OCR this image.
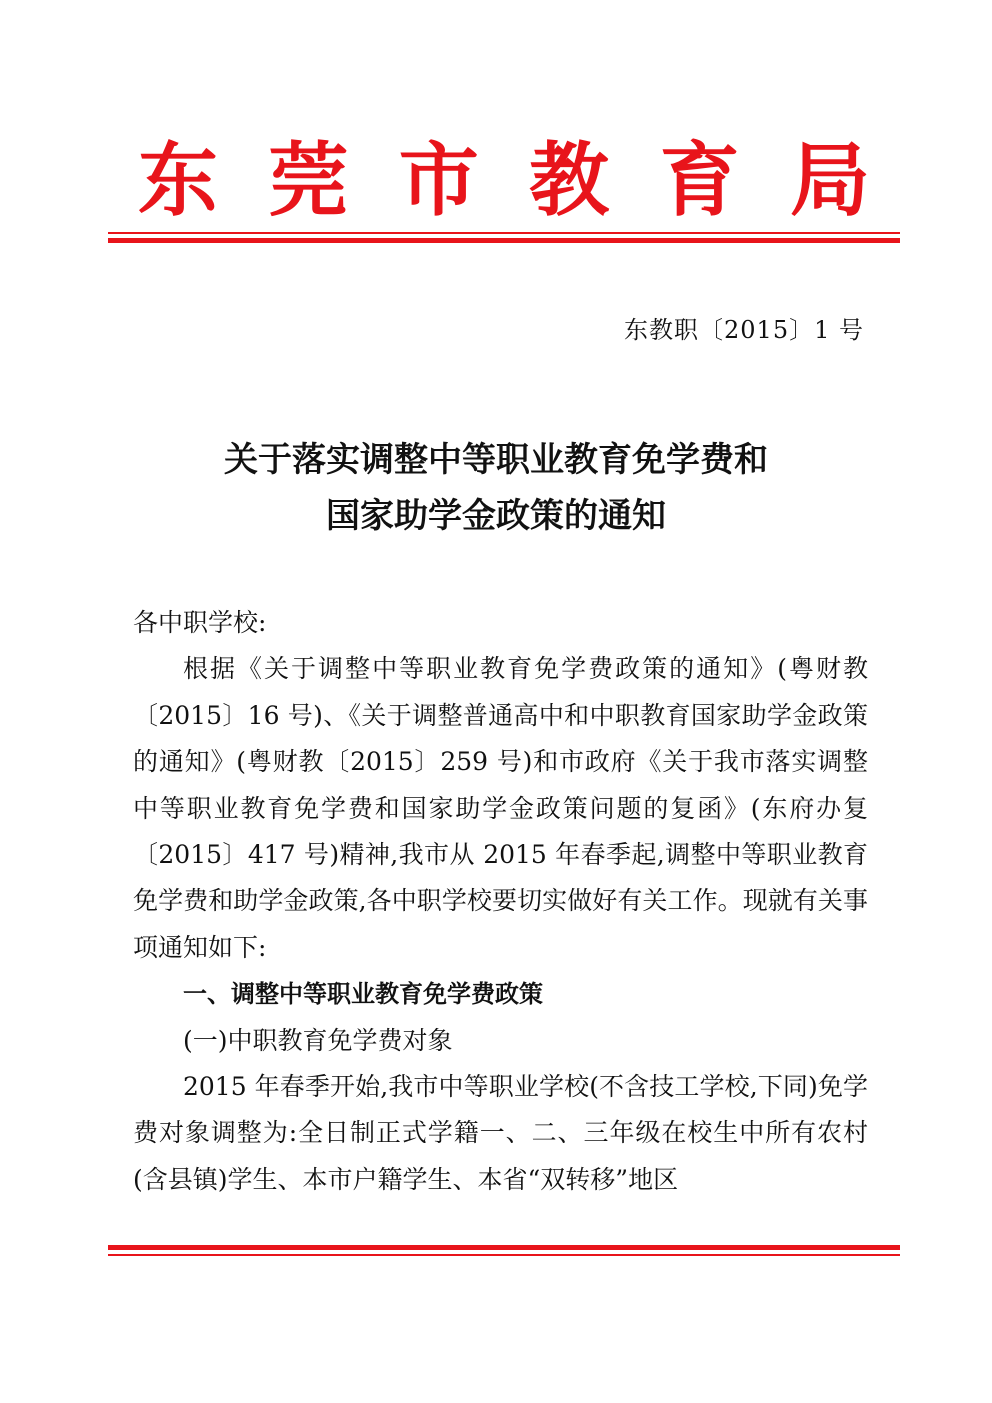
东 莞 市 教 育 局
东教职〔2015〕1 号
关于落实调整中等职业教育免学费和
国家助学金政策的通知

各中职学校:

根据《关于调整中等职业教育免学费政策的通知》(粤财教〔2015〕16 号)、《关于调整普通高中和中职教育国家助学金政策的通知》(粤财教〔2015〕259 号)和市政府《关于我市落实调整中等职业教育免学费和国家助学金政策问题的复函》(东府办复〔2015〕417 号)精神,我市从 2015 年春季起,调整中等职业教育免学费和助学金政策,各中职学校要切实做好有关工作。现就有关事项通知如下:

一、调整中等职业教育免学费政策

(一)中职教育免学费对象

2015 年春季开始,我市中等职业学校(不含技工学校,下同)免学费对象调整为:全日制正式学籍一、二、三年级在校生中所有农村(含县镇)学生、本市户籍学生、本省“双转移”地区
